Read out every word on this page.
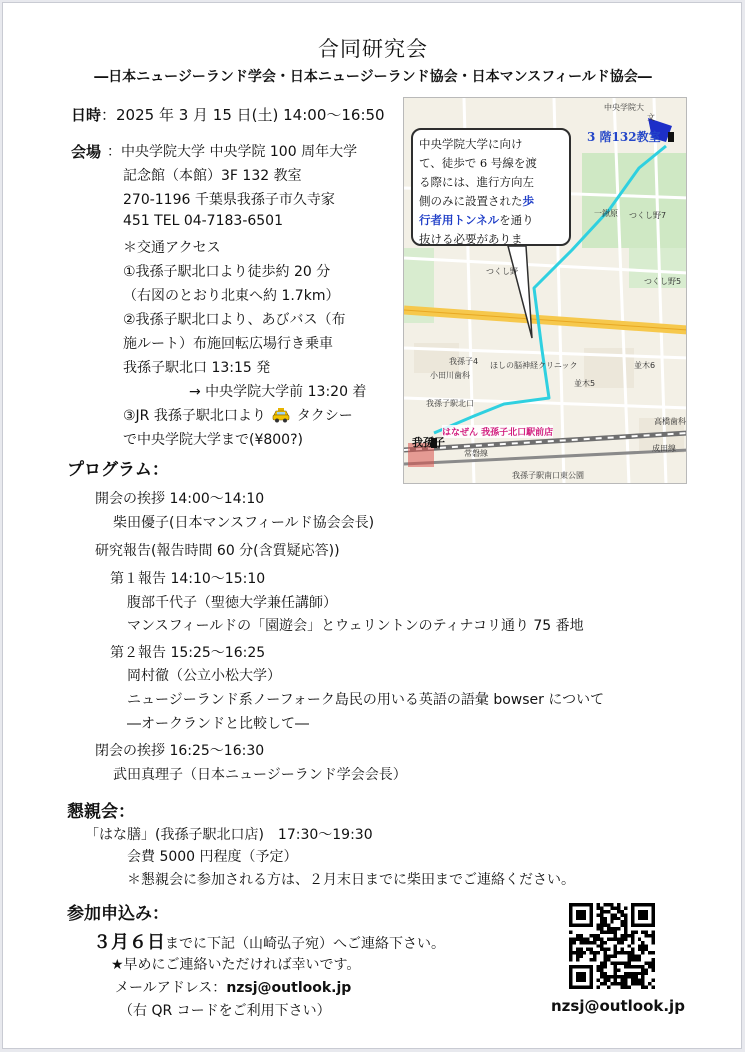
合同研究会
―日本ニュージーランド学会・日本ニュージーランド協会・日本マンスフィールド協会―
日時：2025 年 3 月 15 日(土) 14:00～16:50
会場 ：中央学院大学 中央学院 100 周年大学
記念館（本館）3F 132 教室
270-1196 千葉県我孫子市久寺家
451 TEL 04-7183-6501
＊交通アクセス
①我孫子駅北口より徒歩約 20 分
（右図のとおり北東へ約 1.7km）
②我孫子駅北口より、あびバス（布
施ルート）布施回転広場行き乗車
我孫子駅北口 13:15 発
→ 中央学院大学前 13:20 着
③JR 我孫子駅北口より タクシー
で中央学院大学まで(¥800?)
中央学院大
文
つくし野7
一鍬原
つくし野
つくし野5
我孫子4
小田川歯科
ほしの脳神経クリニック	並木6
並木5
我孫子駅北口
常磐線
我孫子駅南口東公園
高橋歯科
成田線
中央学院大学に向け
て、徒歩で 6 号線を渡
る際には、進行方向左
側のみに設置された歩
行者用トンネルを通り
抜ける必要がありま
3 階132教室
はなぜん 我孫子北口駅前店
我孫子
プログラム：
開会の挨拶 14:00～14:10
柴田優子(日本マンスフィールド協会会長)
研究報告(報告時間 60 分(含質疑応答))
第１報告 14:10～15:10
腹部千代子（聖徳大学兼任講師）
マンスフィールドの「園遊会」とウェリントンのティナコリ通り 75 番地
第２報告 15:25～16:25
岡村徹（公立小松大学）
ニュージーランド系ノーフォーク島民の用いる英語の語彙 bowser について
―オークランドと比較して―
閉会の挨拶 16:25～16:30
武田真理子（日本ニュージーランド学会会長）
懇親会：
「はな膳」(我孫子駅北口店)　17:30～19:30
会費 5000 円程度（予定）
＊懇親会に参加される方は、２月末日までに柴田までご連絡ください。
参加申込み：
３月６日までに下記（山崎弘子宛）へご連絡下さい。
★早めにご連絡いただければ幸いです。
メールアドレス：nzsj@outlook.jp
（右 QR コードをご利用下さい）	nzsj@outlook.jp
